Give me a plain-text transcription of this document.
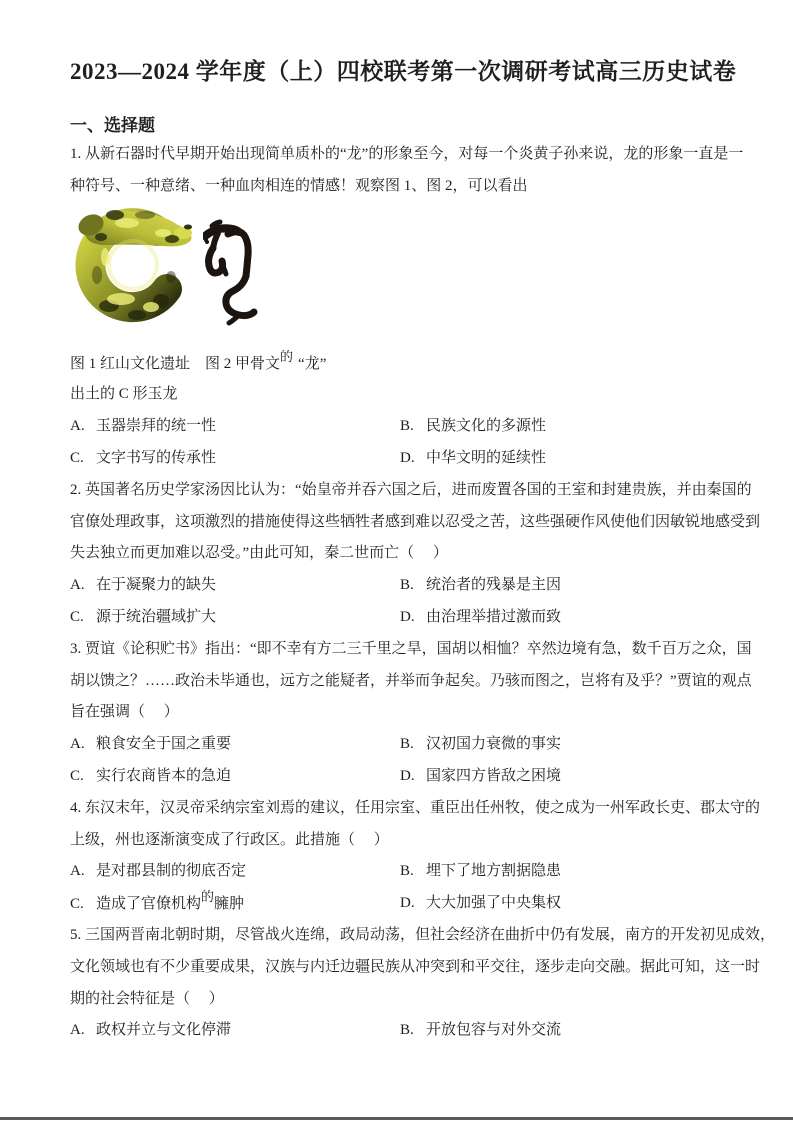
2023—2024 学年度（上）四校联考第一次调研考试高三历史试卷
一、选择题
1. 从新石器时代早期开始出现简单质朴的“龙”的形象至今，对每一个炎黄子孙来说，龙的形象一直是一
种符号、一种意绪、一种血肉相连的情感！观察图 1、图 2，可以看出
图 1 红山文化遗址 图 2 甲骨文的 “龙”
出土的 C 形玉龙
A. 玉器崇拜的统一性	B. 民族文化的多源性
C. 文字书写的传承性	D. 中华文明的延续性
2. 英国著名历史学家汤因比认为：“始皇帝并吞六国之后，进而废置各国的王室和封建贵族，并由秦国的
官僚处理政事，这项激烈的措施使得这些牺牲者感到难以忍受之苦，这些强硬作风使他们因敏锐地感受到
失去独立而更加难以忍受。”由此可知，秦二世而亡（　 ）
A. 在于凝聚力的缺失	B. 统治者的残暴是主因
C. 源于统治疆域扩大	D. 由治理举措过激而致
3. 贾谊《论积贮书》指出：“即不幸有方二三千里之旱，国胡以相恤？卒然边境有急，数千百万之众，国
胡以馈之？……政治未毕通也，远方之能疑者，并举而争起矣。乃骇而图之，岂将有及乎？”贾谊的观点
旨在强调（　 ）
A. 粮食安全于国之重要	B. 汉初国力衰微的事实
C. 实行农商皆本的急迫	D. 国家四方皆敌之困境
4. 东汉末年，汉灵帝采纳宗室刘焉的建议，任用宗室、重臣出任州牧，使之成为一州军政长吏、郡太守的
上级，州也逐渐演变成了行政区。此措施（　 ）
A. 是对郡县制的彻底否定	B. 埋下了地方割据隐患
C. 造成了官僚机构的臃肿	D. 大大加强了中央集权
5. 三国两晋南北朝时期，尽管战火连绵，政局动荡，但社会经济在曲折中仍有发展，南方的开发初见成效，
文化领域也有不少重要成果，汉族与内迁边疆民族从冲突到和平交往，逐步走向交融。据此可知，这一时
期的社会特征是（　 ）
A. 政权并立与文化停滞	B. 开放包容与对外交流
